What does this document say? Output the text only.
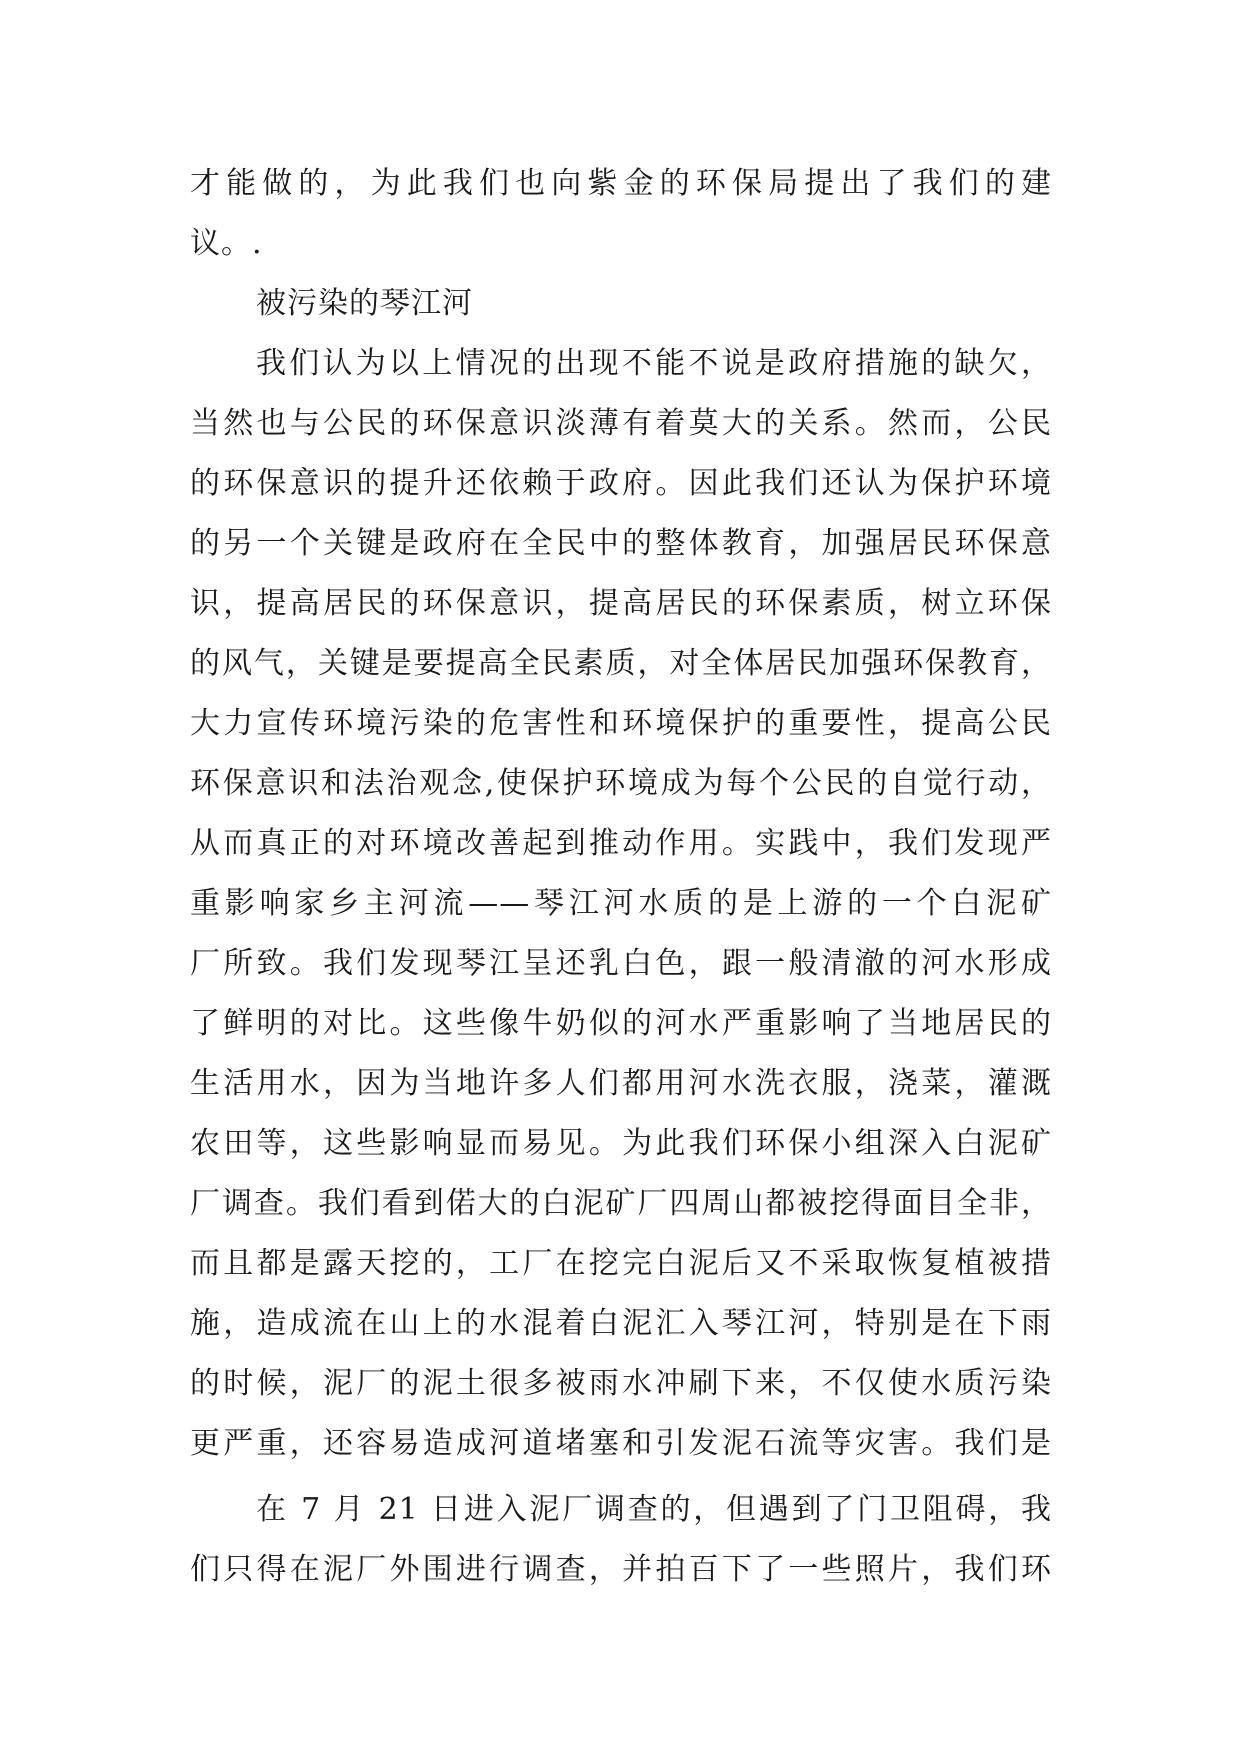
才能做的，为此我们也向紫金的环保局提出了我们的建
议。.
被污染的琴江河
我们认为以上情况的出现不能不说是政府措施的缺欠，
当然也与公民的环保意识淡薄有着莫大的关系。然而，公民
的环保意识的提升还依赖于政府。因此我们还认为保护环境
的另一个关键是政府在全民中的整体教育，加强居民环保意
识，提高居民的环保意识，提高居民的环保素质，树立环保
的风气，关键是要提高全民素质，对全体居民加强环保教育，
大力宣传环境污染的危害性和环境保护的重要性，提高公民
环保意识和法治观念,使保护环境成为每个公民的自觉行动，
从而真正的对环境改善起到推动作用。实践中，我们发现严
重影响家乡主河流——琴江河水质的是上游的一个白泥矿
厂所致。我们发现琴江呈还乳白色，跟一般清澈的河水形成
了鲜明的对比。这些像牛奶似的河水严重影响了当地居民的
生活用水，因为当地许多人们都用河水洗衣服，浇菜，灌溉
农田等，这些影响显而易见。为此我们环保小组深入白泥矿
厂调查。我们看到偌大的白泥矿厂四周山都被挖得面目全非，
而且都是露天挖的，工厂在挖完白泥后又不采取恢复植被措
施，造成流在山上的水混着白泥汇入琴江河，特别是在下雨
的时候，泥厂的泥土很多被雨水冲刷下来，不仅使水质污染
更严重，还容易造成河道堵塞和引发泥石流等灾害。我们是
在 7 月 21 日进入泥厂调查的，但遇到了门卫阻碍，我
们只得在泥厂外围进行调查，并拍百下了一些照片，我们环
